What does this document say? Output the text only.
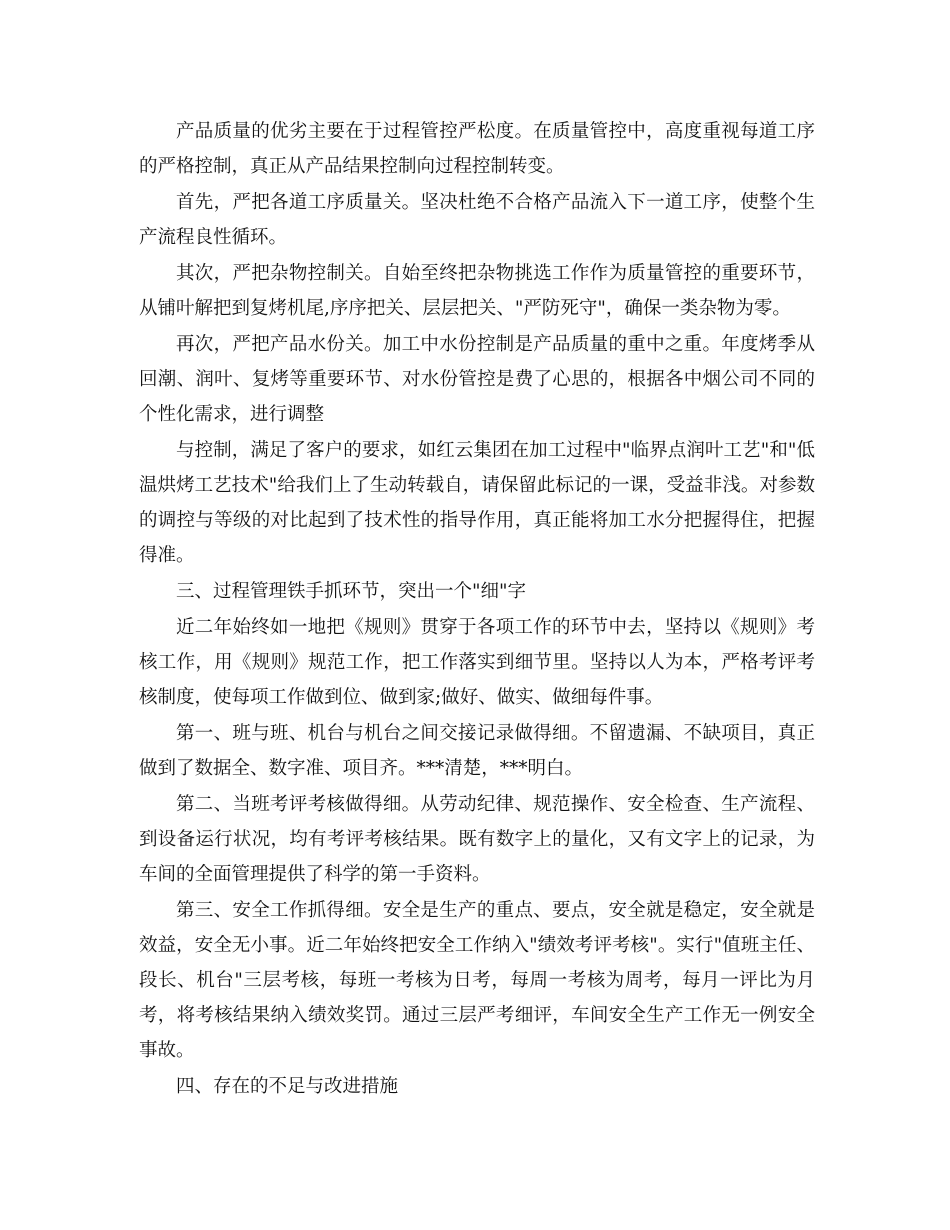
产品质量的优劣主要在于过程管控严松度。在质量管控中，高度重视每道工序的严格控制，真正从产品结果控制向过程控制转变。

首先，严把各道工序质量关。坚决杜绝不合格产品流入下一道工序，使整个生产流程良性循环。

其次，严把杂物控制关。自始至终把杂物挑选工作作为质量管控的重要环节，从铺叶解把到复烤机尾,序序把关、层层把关、"严防死守"，确保一类杂物为零。

再次，严把产品水份关。加工中水份控制是产品质量的重中之重。年度烤季从回潮、润叶、复烤等重要环节、对水份管控是费了心思的，根据各中烟公司不同的个性化需求，进行调整

与控制，满足了客户的要求，如红云集团在加工过程中"临界点润叶工艺"和"低温烘烤工艺技术"给我们上了生动转载自，请保留此标记的一课，受益非浅。对参数的调控与等级的对比起到了技术性的指导作用，真正能将加工水分把握得住，把握得准。

三、过程管理铁手抓环节，突出一个"细"字

近二年始终如一地把《规则》贯穿于各项工作的环节中去，坚持以《规则》考核工作，用《规则》规范工作，把工作落实到细节里。坚持以人为本，严格考评考核制度，使每项工作做到位、做到家;做好、做实、做细每件事。

第一、班与班、机台与机台之间交接记录做得细。不留遗漏、不缺项目，真正做到了数据全、数字准、项目齐。***清楚，***明白。

第二、当班考评考核做得细。从劳动纪律、规范操作、安全检查、生产流程、到设备运行状况，均有考评考核结果。既有数字上的量化，又有文字上的记录，为车间的全面管理提供了科学的第一手资料。

第三、安全工作抓得细。安全是生产的重点、要点，安全就是稳定，安全就是效益，安全无小事。近二年始终把安全工作纳入"绩效考评考核"。实行"值班主任、段长、机台"三层考核，每班一考核为日考，每周一考核为周考，每月一评比为月考，将考核结果纳入绩效奖罚。通过三层严考细评，车间安全生产工作无一例安全事故。

四、存在的不足与改进措施
